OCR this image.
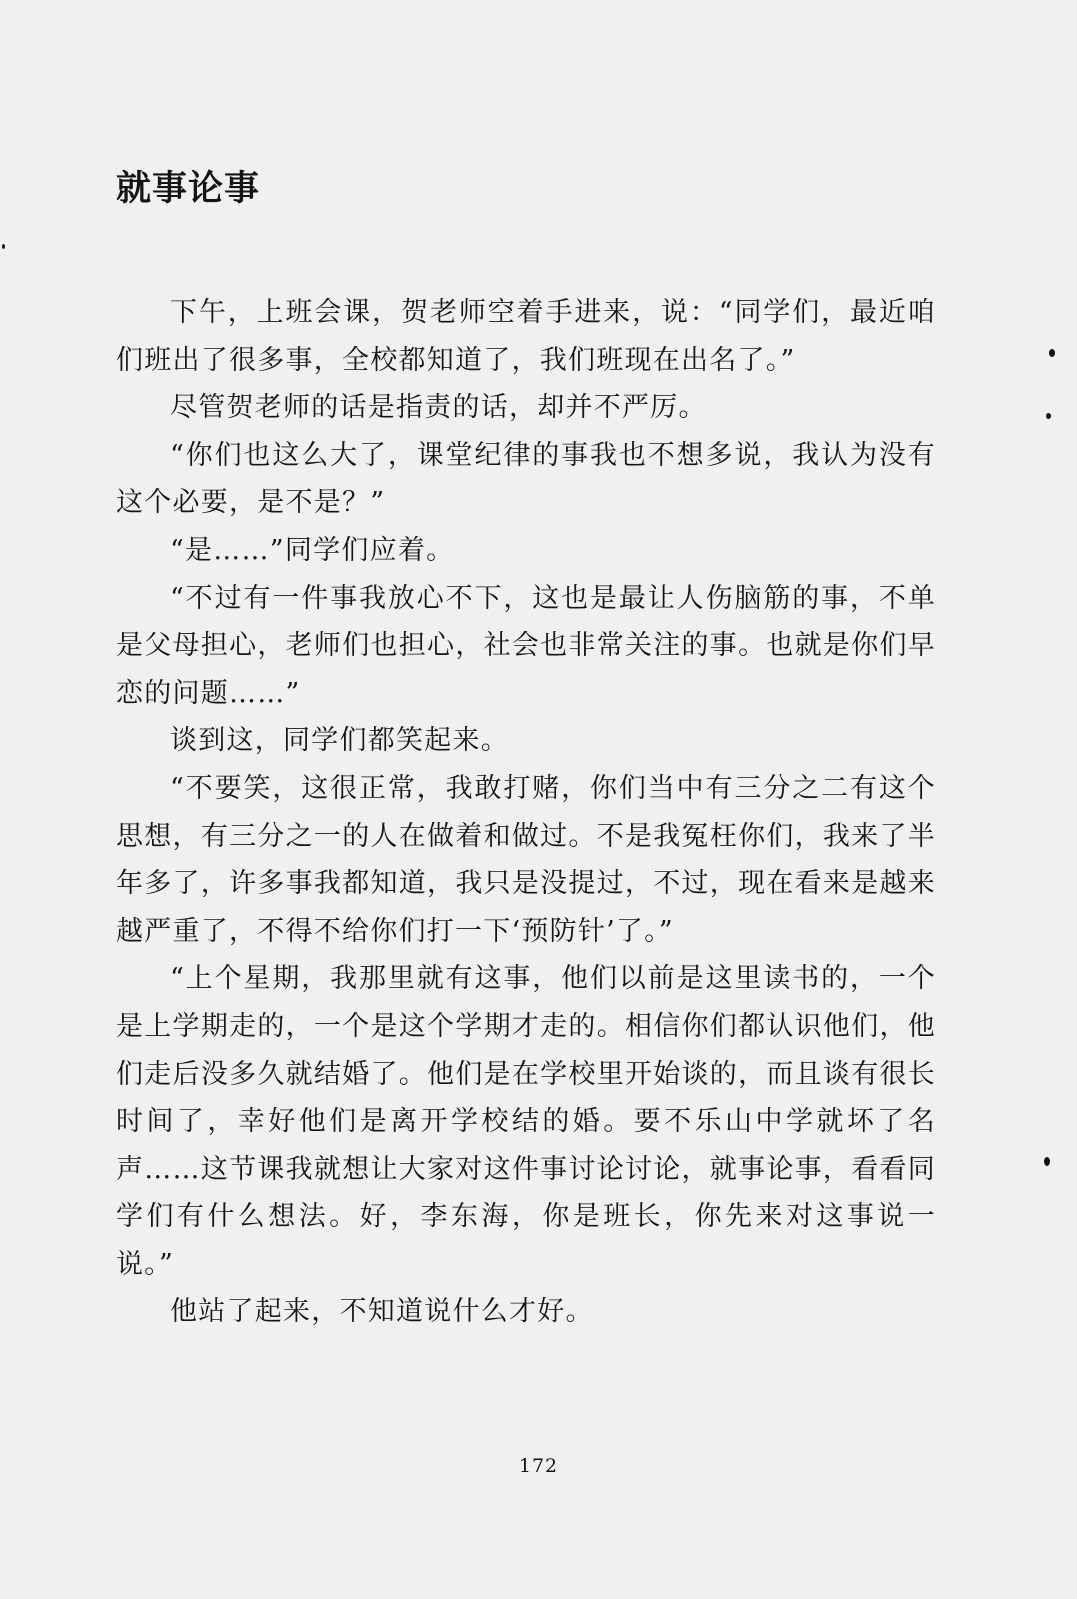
就事论事

下午，上班会课，贺老师空着手进来，说：“同学们，最近咱们班出了很多事，全校都知道了，我们班现在出名了。”

尽管贺老师的话是指责的话，却并不严厉。

“你们也这么大了，课堂纪律的事我也不想多说，我认为没有这个必要，是不是？”

“是……”同学们应着。

“不过有一件事我放心不下，这也是最让人伤脑筋的事，不单是父母担心，老师们也担心，社会也非常关注的事。也就是你们早恋的问题……”

谈到这，同学们都笑起来。

“不要笑，这很正常，我敢打赌，你们当中有三分之二有这个思想，有三分之一的人在做着和做过。不是我冤枉你们，我来了半年多了，许多事我都知道，我只是没提过，不过，现在看来是越来越严重了，不得不给你们打一下‘预防针’了。”

“上个星期，我那里就有这事，他们以前是这里读书的，一个是上学期走的，一个是这个学期才走的。相信你们都认识他们，他们走后没多久就结婚了。他们是在学校里开始谈的，而且谈有很长时间了，幸好他们是离开学校结的婚。要不乐山中学就坏了名声……这节课我就想让大家对这件事讨论讨论，就事论事，看看同学们有什么想法。好，李东海，你是班长，你先来对这事说一说。”

他站了起来，不知道说什么才好。

172
